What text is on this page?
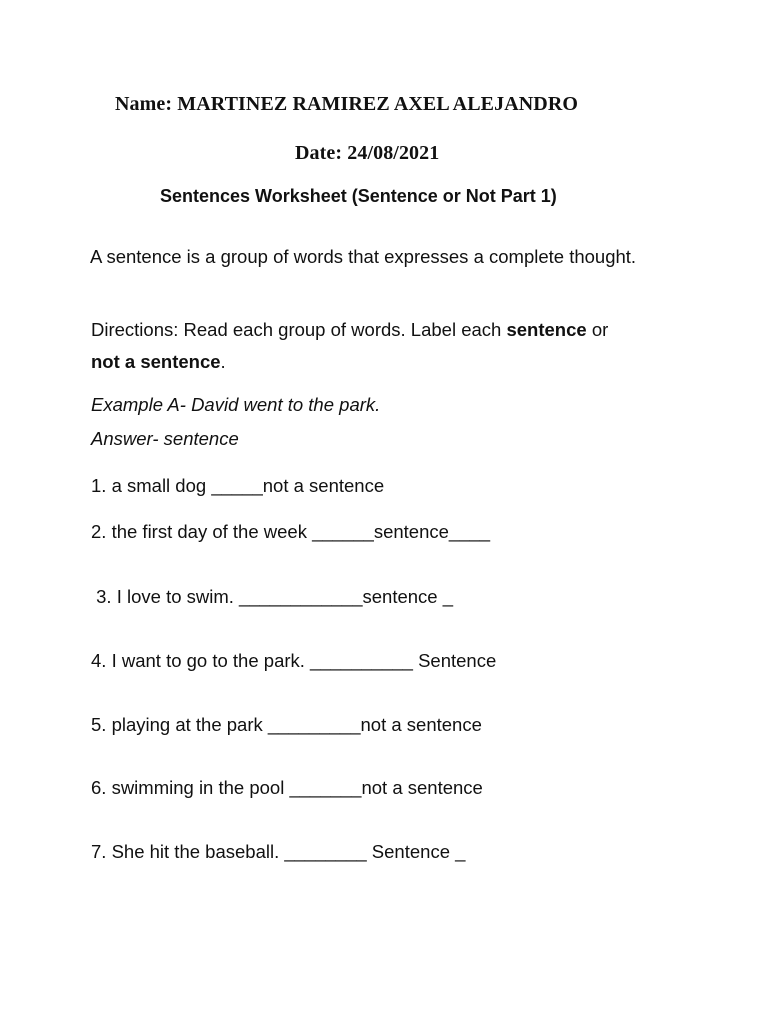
Name: MARTINEZ RAMIREZ AXEL ALEJANDRO
Date: 24/08/2021
Sentences Worksheet (Sentence or Not Part 1)
A sentence is a group of words that expresses a complete thought.
Directions: Read each group of words. Label each sentence or
not a sentence.
Example A- David went to the park.
Answer- sentence
1. a small dog _____not a sentence
2. the first day of the week ______sentence____
3. I love to swim. ____________sentence _
4. I want to go to the park. __________ Sentence
5. playing at the park _________not a sentence
6. swimming in the pool _______not a sentence
7. She hit the baseball. ________ Sentence _
